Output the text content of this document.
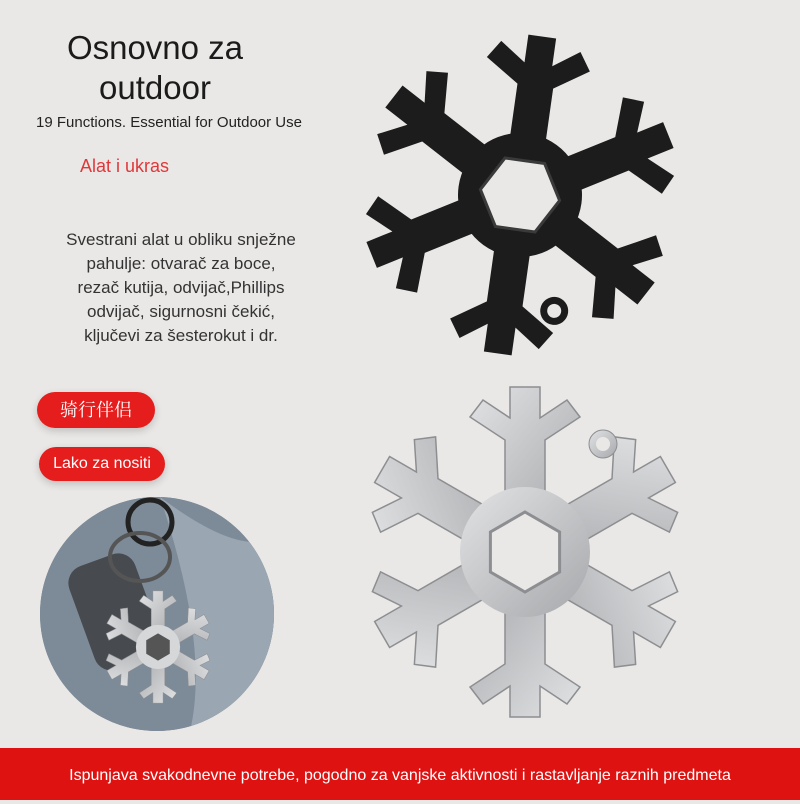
Osnovno za
outdoor
19 Functions. Essential for Outdoor Use
Alat i ukras
Svestrani alat u obliku snježne
pahulje: otvarač za boce,
rezač kutija, odvijač,Phillips
odvijač, sigurnosni čekić,
ključevi za šesterokut i dr.
骑行伴侣
Lako za nositi
Ispunjava svakodnevne potrebe, pogodno za vanjske aktivnosti i rastavljanje raznih predmeta
